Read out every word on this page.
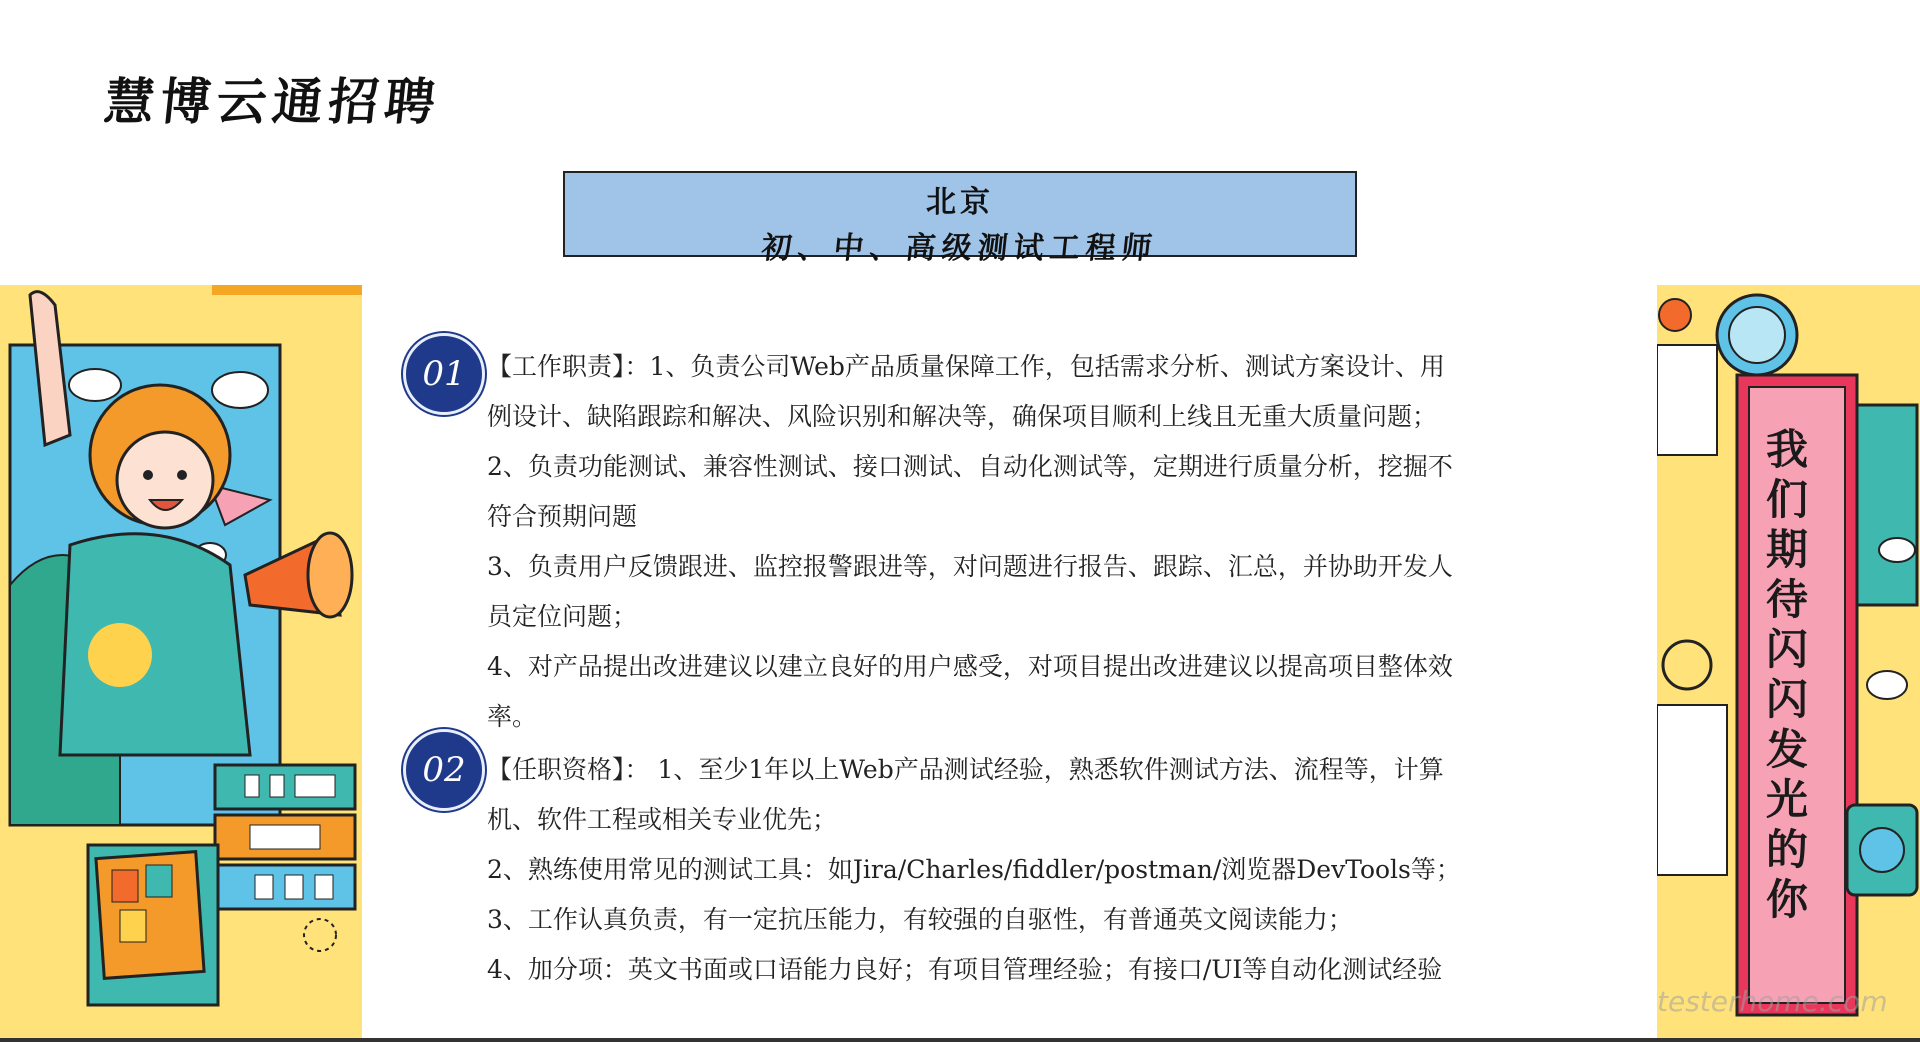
慧博云通招聘
北京
初、中、高级测试工程师
01 【工作职责】：1、负责公司Web产品质量保障工作，包括需求分析、测试方案设计、用

例设计、缺陷跟踪和解决、风险识别和解决等，确保项目顺利上线且无重大质量问题；

2、负责功能测试、兼容性测试、接口测试、自动化测试等，定期进行质量分析，挖掘不

符合预期问题

3、负责用户反馈跟进、监控报警跟进等，对问题进行报告、跟踪、汇总，并协助开发人

员定位问题；

4、对产品提出改进建议以建立良好的用户感受，对项目提出改进建议以提高项目整体效

率。

02 【任职资格】： 1、至少1年以上Web产品测试经验，熟悉软件测试方法、流程等，计算

机、软件工程或相关专业优先；

2、熟练使用常见的测试工具：如Jira/Charles/fiddler/postman/浏览器DevTools等；

3、工作认真负责，有一定抗压能力，有较强的自驱性，有普通英文阅读能力；

4、加分项：英文书面或口语能力良好；有项目管理经验；有接口/UI等自动化测试经验

我们期待闪闪发光的你
testerhome.com
